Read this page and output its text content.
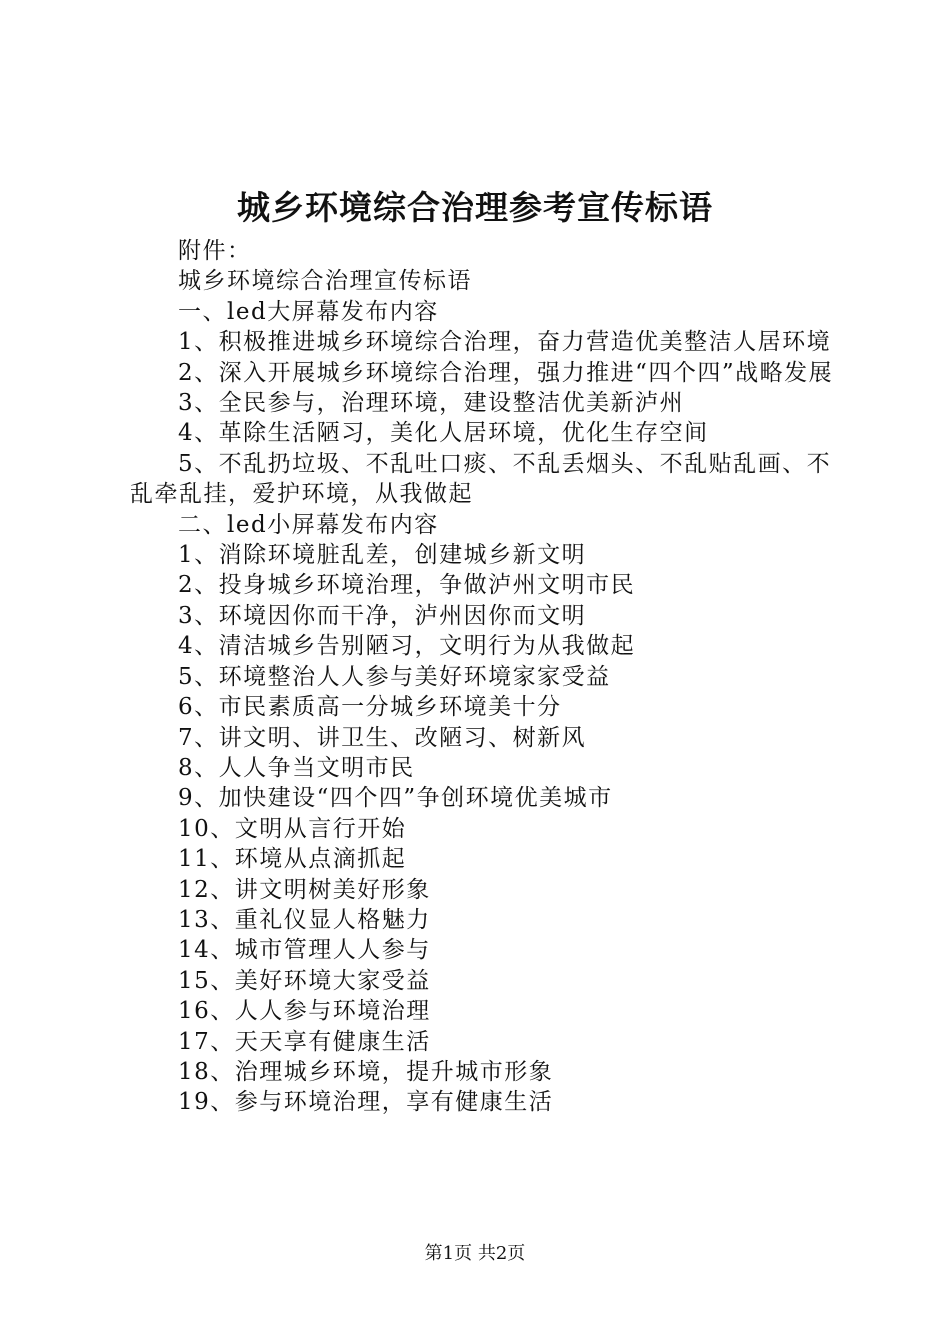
城乡环境综合治理参考宣传标语

附件：

城乡环境综合治理宣传标语

一、led大屏幕发布内容

1、积极推进城乡环境综合治理，奋力营造优美整洁人居环境

2、深入开展城乡环境综合治理，强力推进“四个四”战略发展

3、全民参与，治理环境，建设整洁优美新泸州

4、革除生活陋习，美化人居环境，优化生存空间

5、不乱扔垃圾、不乱吐口痰、不乱丢烟头、不乱贴乱画、不乱牵乱挂，爱护环境，从我做起

二、led小屏幕发布内容

1、消除环境脏乱差，创建城乡新文明

2、投身城乡环境治理，争做泸州文明市民

3、环境因你而干净，泸州因你而文明

4、清洁城乡告别陋习，文明行为从我做起

5、环境整治人人参与美好环境家家受益

6、市民素质高一分城乡环境美十分

7、讲文明、讲卫生、改陋习、树新风

8、人人争当文明市民

9、加快建设“四个四”争创环境优美城市

10、文明从言行开始

11、环境从点滴抓起

12、讲文明树美好形象

13、重礼仪显人格魅力

14、城市管理人人参与

15、美好环境大家受益

16、人人参与环境治理

17、天天享有健康生活

18、治理城乡环境，提升城市形象

19、参与环境治理，享有健康生活

第1页 共2页
